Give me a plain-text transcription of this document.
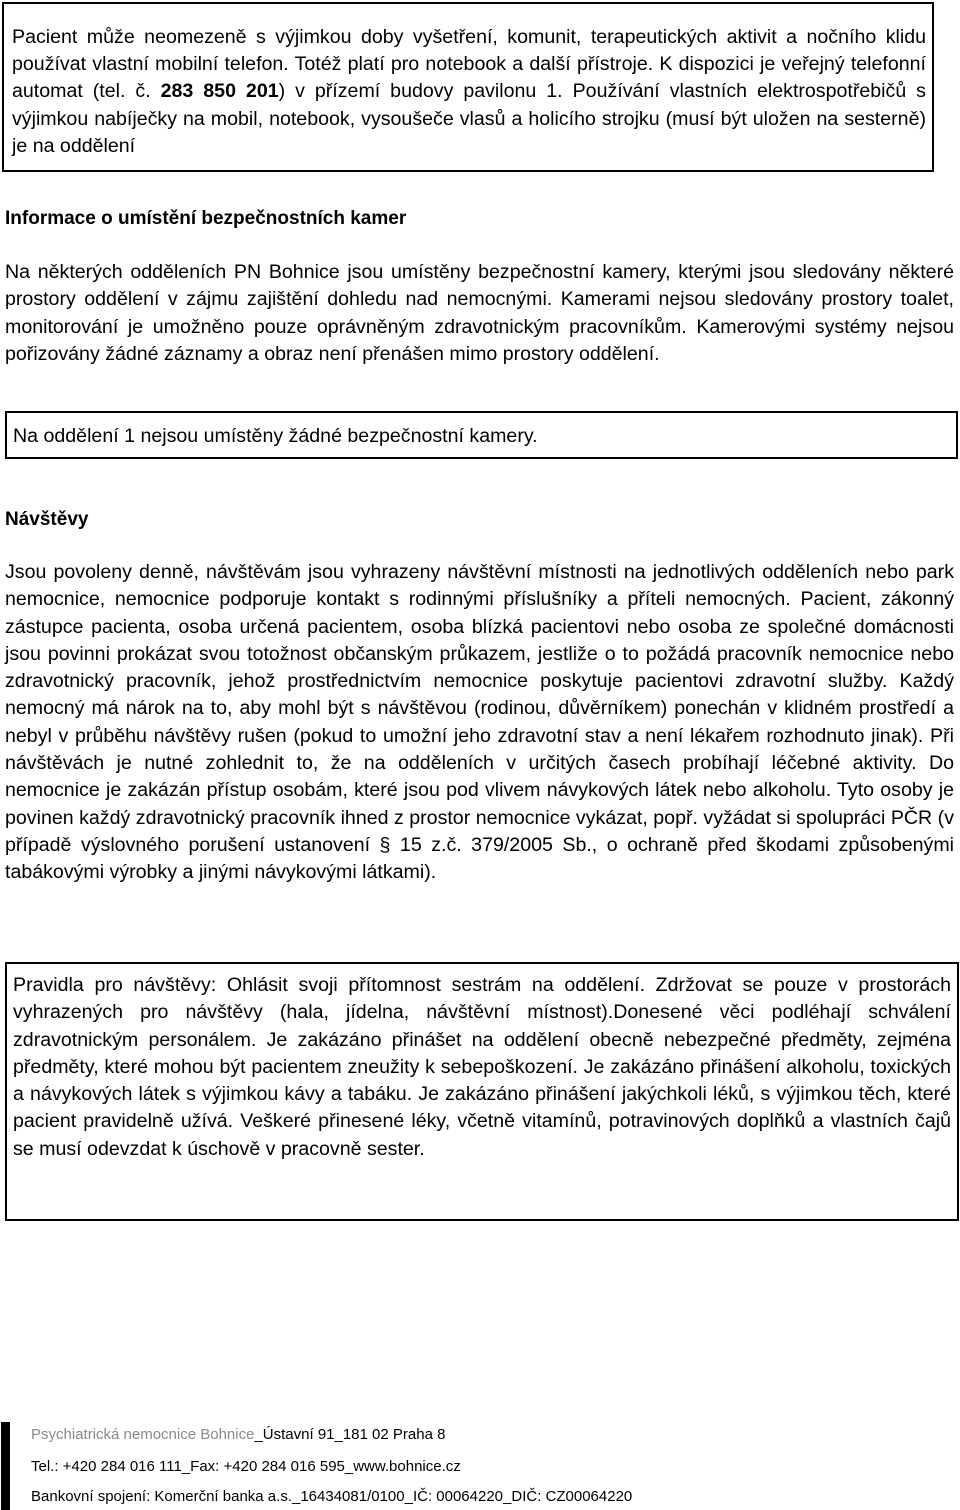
Pacient může neomezeně s výjimkou doby vyšetření, komunit, terapeutických aktivit a nočního klidu používat vlastní mobilní telefon. Totéž platí pro notebook a další přístroje. K dispozici je veřejný telefonní automat (tel. č. 283 850 201) v přízemí budovy pavilonu 1. Používání vlastních elektrospotřebičů s výjimkou nabíječky na mobil, notebook, vysoušeče vlasů a holicího strojku (musí být uložen na sesterně) je na oddělení

Informace o umístění bezpečnostních kamer

Na některých odděleních PN Bohnice jsou umístěny bezpečnostní kamery, kterými jsou sledovány některé prostory oddělení v zájmu zajištění dohledu nad nemocnými. Kamerami nejsou sledovány prostory toalet, monitorování je umožněno pouze oprávněným zdravotnickým pracovníkům. Kamerovými systémy nejsou pořizovány žádné záznamy a obraz není přenášen mimo prostory oddělení.

Na oddělení 1 nejsou umístěny žádné bezpečnostní kamery.

Návštěvy

Jsou povoleny denně, návštěvám jsou vyhrazeny návštěvní místnosti na jednotlivých odděleních nebo park nemocnice, nemocnice podporuje kontakt s rodinnými příslušníky a příteli nemocných. Pacient, zákonný zástupce pacienta, osoba určená pacientem, osoba blízká pacientovi nebo osoba ze společné domácnosti jsou povinni prokázat svou totožnost občanským průkazem, jestliže o to požádá pracovník nemocnice nebo zdravotnický pracovník, jehož prostřednictvím nemocnice poskytuje pacientovi zdravotní služby. Každý nemocný má nárok na to, aby mohl být s návštěvou (rodinou, důvěrníkem) ponechán v klidném prostředí a nebyl v průběhu návštěvy rušen (pokud to umožní jeho zdravotní stav a není lékařem rozhodnuto jinak). Při návštěvách je nutné zohlednit to, že na odděleních v určitých časech probíhají léčebné aktivity. Do nemocnice je zakázán přístup osobám, které jsou pod vlivem návykových látek nebo alkoholu. Tyto osoby je povinen každý zdravotnický pracovník ihned z prostor nemocnice vykázat, popř. vyžádat si spolupráci PČR (v případě výslovného porušení ustanovení § 15 z.č. 379/2005 Sb., o ochraně před škodami způsobenými tabákovými výrobky a jinými návykovými látkami).

Pravidla pro návštěvy: Ohlásit svoji přítomnost sestrám na oddělení. Zdržovat se pouze v prostorách vyhrazených pro návštěvy (hala, jídelna, návštěvní místnost).Donesené věci podléhají schválení zdravotnickým personálem. Je zakázáno přinášet na oddělení obecně nebezpečné předměty, zejména předměty, které mohou být pacientem zneužity k sebepoškození. Je zakázáno přinášení alkoholu, toxických a návykových látek s výjimkou kávy a tabáku. Je zakázáno přinášení jakýchkoli léků, s výjimkou těch, které pacient pravidelně užívá. Veškeré přinesené léky, včetně vitamínů, potravinových doplňků a vlastních čajů se musí odevzdat k úschově v pracovně sester.

Psychiatrická nemocnice Bohnice_Ústavní 91_181 02 Praha 8
Tel.: +420 284 016 111_Fax: +420 284 016 595_www.bohnice.cz
Bankovní spojení: Komerční banka a.s._16434081/0100_IČ: 00064220_DIČ: CZ00064220
